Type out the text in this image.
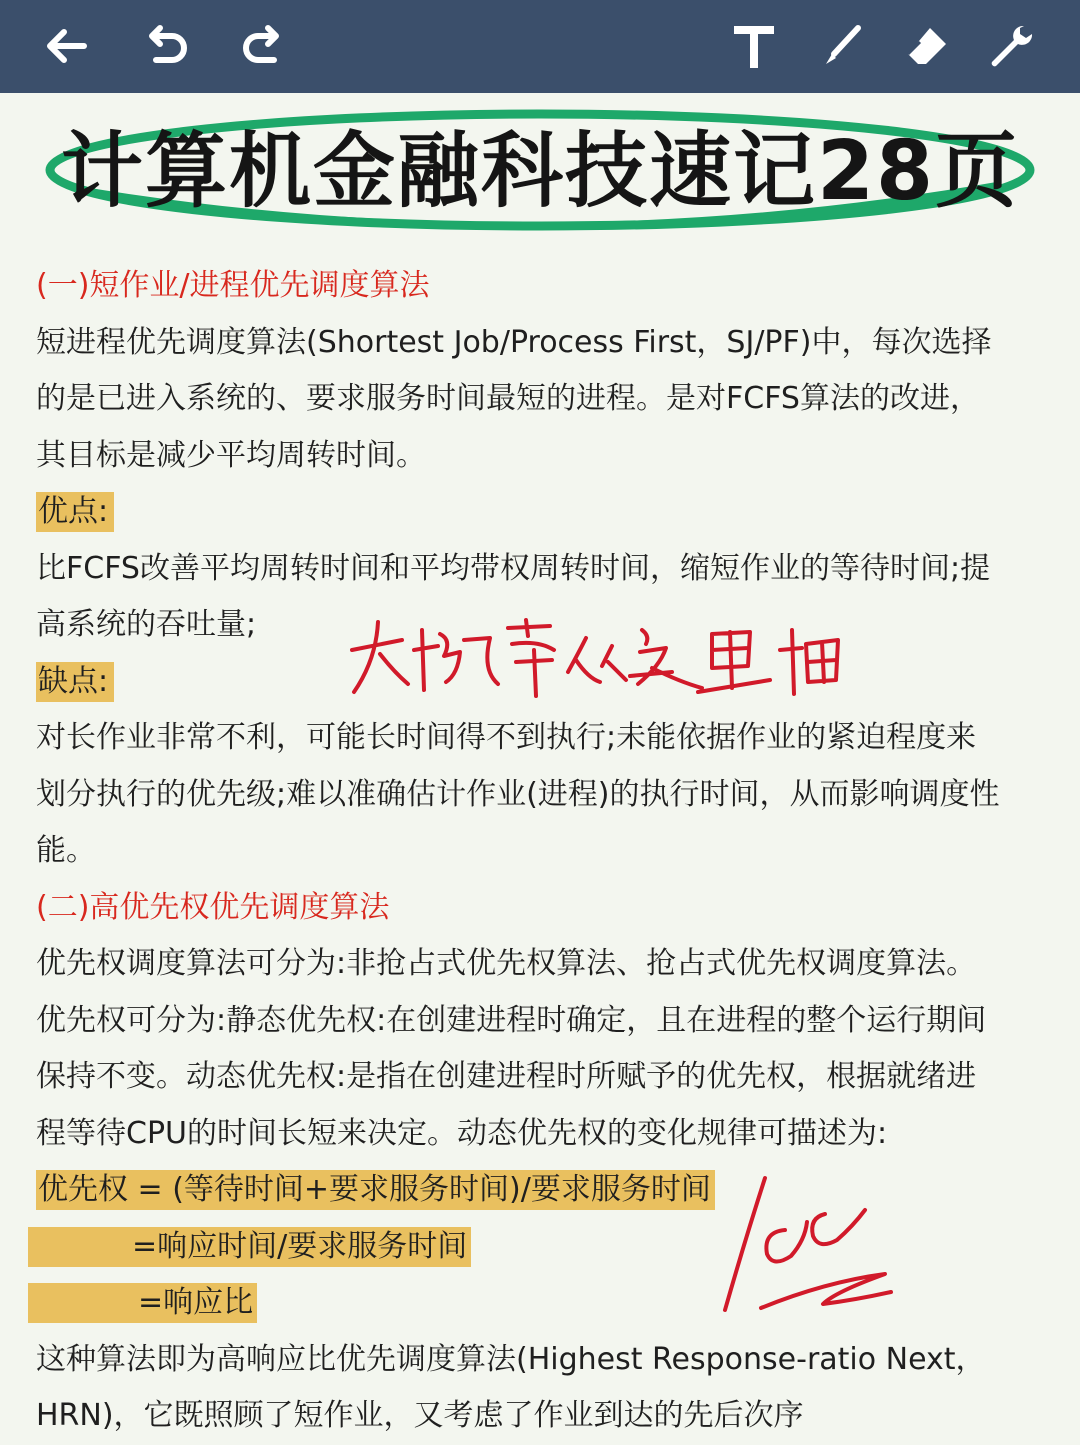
计算机金融科技速记28页
(一)短作业/进程优先调度算法
短进程优先调度算法(Shortest Job/Process First，SJ/PF)中，每次选择
的是已进入系统的、要求服务时间最短的进程。是对FCFS算法的改进，
其目标是减少平均周转时间。
优点:
比FCFS改善平均周转时间和平均带权周转时间，缩短作业的等待时间;提
高系统的吞吐量;
缺点:
对长作业非常不利，可能长时间得不到执行;未能依据作业的紧迫程度来
划分执行的优先级;难以准确估计作业(进程)的执行时间，从而影响调度性
能。
(二)高优先权优先调度算法
优先权调度算法可分为:非抢占式优先权算法、抢占式优先权调度算法。
优先权可分为:静态优先权:在创建进程时确定，且在进程的整个运行期间
保持不变。动态优先权:是指在创建进程时所赋予的优先权，根据就绪进
程等待CPU的时间长短来决定。动态优先权的变化规律可描述为:
优先权 = (等待时间+要求服务时间)/要求服务时间
=响应时间/要求服务时间
=响应比
这种算法即为高响应比优先调度算法(Highest Response-ratio Next，
HRN)，它既照顾了短作业，又考虑了作业到达的先后次序
